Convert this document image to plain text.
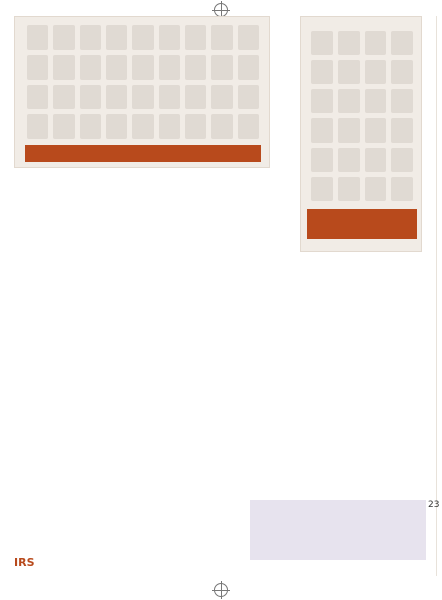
23
IRS
